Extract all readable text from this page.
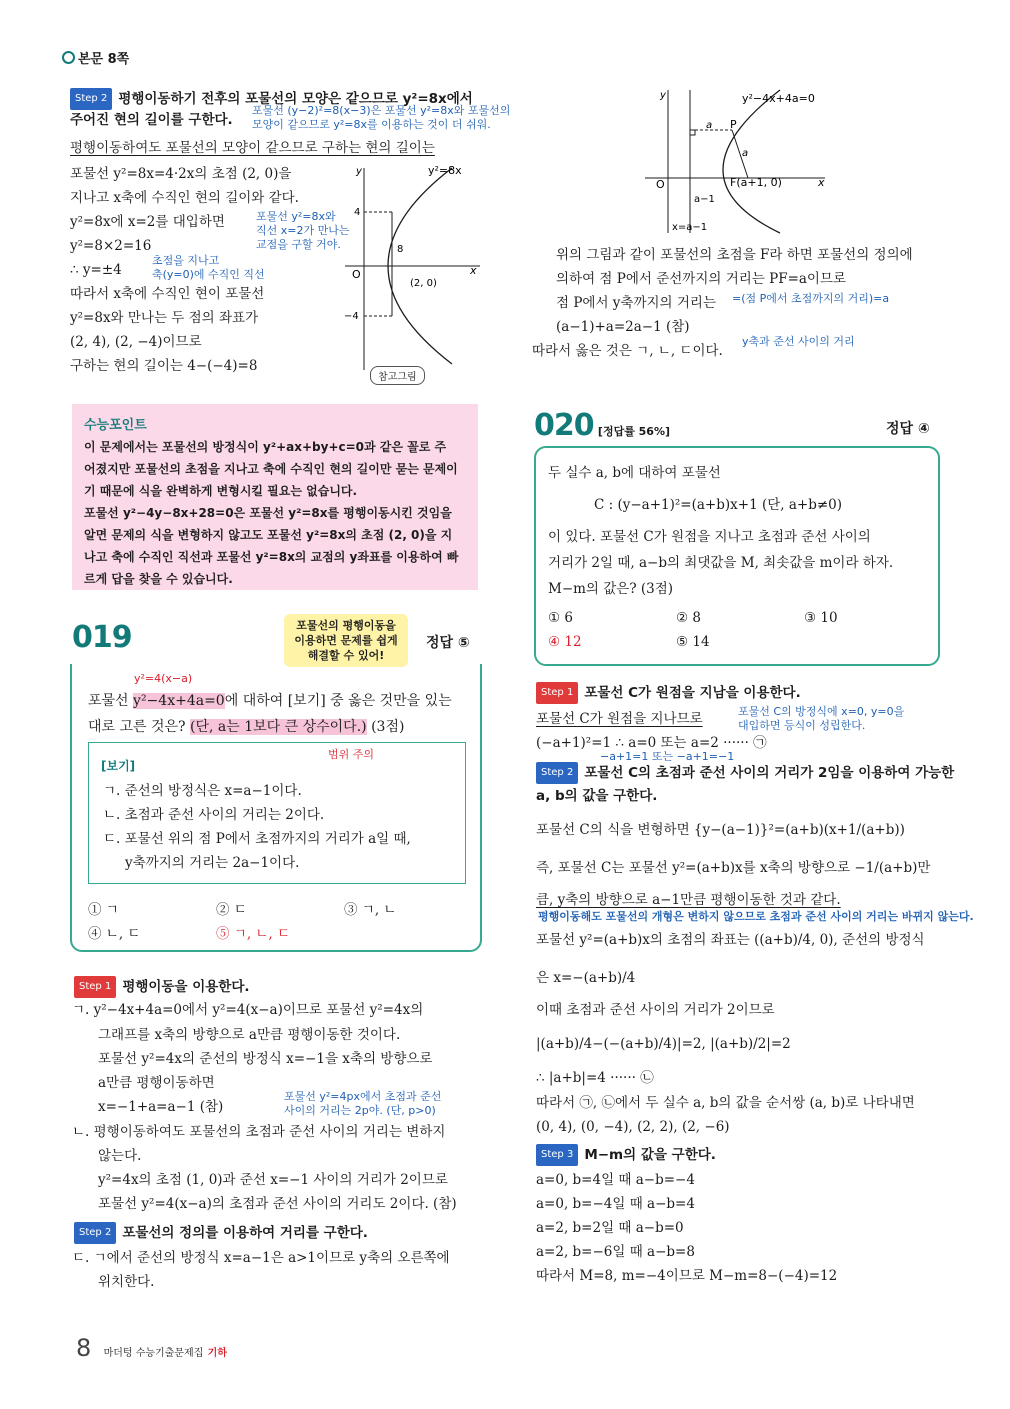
본문 8쪽
Step 2 평행이동하기 전후의 포물선의 모양은 같으므로 y²=8x에서
주어진 현의 길이를 구한다.
포물선 (y−2)²=8(x−3)은 포물선 y²=8x와 포물선의
모양이 같으므로 y²=8x를 이용하는 것이 더 쉬워.
평행이동하여도 포물선의 모양이 같으므로 구하는 현의 길이는
포물선 y²=8x=4·2x의 초점 (2, 0)을
지나고 x축에 수직인 현의 길이와 같다.
y²=8x에 x=2를 대입하면
y²=8×2=16
∴ y=±4
따라서 x축에 수직인 현이 포물선
y²=8x와 만나는 두 점의 좌표가
(2, 4), (2, −4)이므로
구하는 현의 길이는 4−(−4)=8
포물선 y²=8x와
직선 x=2가 만나는
교점을 구할 거야.
초점을 지나고
축(y=0)에 수직인 직선
y
x
y²=8x
O
4
−4
8
(2, 0)
참고그림
y
x
y²−4x+4a=0
O
a P
a
a−1
F(a+1, 0)
x=a−1
위의 그림과 같이 포물선의 초점을 F라 하면 포물선의 정의에
의하여 점 P에서 준선까지의 거리는 PF=a이므로
점 P에서 y축까지의 거리는
(a−1)+a=2a−1 (참)
따라서 옳은 것은 ㄱ, ㄴ, ㄷ이다.
=(점 P에서 초점까지의 거리)=a
y축과 준선 사이의 거리
수능포인트
이 문제에서는 포물선의 방정식이 y²+ax+by+c=0과 같은 꼴로 주
어졌지만 포물선의 초점을 지나고 축에 수직인 현의 길이만 묻는 문제이
기 때문에 식을 완벽하게 변형시킬 필요는 없습니다.
포물선 y²−4y−8x+28=0은 포물선 y²=8x를 평행이동시킨 것임을
알면 문제의 식을 변형하지 않고도 포물선 y²=8x의 초점 (2, 0)을 지
나고 축에 수직인 직선과 포물선 y²=8x의 교점의 y좌표를 이용하여 빠
르게 답을 찾을 수 있습니다.
019	포물선의 평행이동을
이용하면 문제를 쉽게
해결할 수 있어!
정답 ⑤
y²=4(x−a)
포물선 y²−4x+4a=0에 대하여 [보기] 중 옳은 것만을 있는
대로 고른 것은? (단, a는 1보다 큰 상수이다.) (3점)
범위 주의
[보기]
ㄱ. 준선의 방정식은 x=a−1이다.
ㄴ. 초점과 준선 사이의 거리는 2이다.
ㄷ. 포물선 위의 점 P에서 초점까지의 거리가 a일 때,
y축까지의 거리는 2a−1이다.
① ㄱ	② ㄷ	③ ㄱ, ㄴ
④ ㄴ, ㄷ	⑤ ㄱ, ㄴ, ㄷ
Step 1 평행이동을 이용한다.
ㄱ. y²−4x+4a=0에서 y²=4(x−a)이므로 포물선 y²=4x의
그래프를 x축의 방향으로 a만큼 평행이동한 것이다.
포물선 y²=4x의 준선의 방정식 x=−1을 x축의 방향으로
a만큼 평행이동하면
x=−1+a=a−1 (참)
ㄴ. 평행이동하여도 포물선의 초점과 준선 사이의 거리는 변하지
않는다.
y²=4x의 초점 (1, 0)과 준선 x=−1 사이의 거리가 2이므로
포물선 y²=4(x−a)의 초점과 준선 사이의 거리도 2이다. (참)
포물선 y²=4px에서 초점과 준선
사이의 거리는 2p야. (단, p>0)
Step 2 포물선의 정의를 이용하여 거리를 구한다.
ㄷ. ㄱ에서 준선의 방정식 x=a−1은 a>1이므로 y축의 오른쪽에
위치한다.
020 [정답률 56%]	정답 ④
두 실수 a, b에 대하여 포물선
C : (y−a+1)²=(a+b)x+1 (단, a+b≠0)
이 있다. 포물선 C가 원점을 지나고 초점과 준선 사이의
거리가 2일 때, a−b의 최댓값을 M, 최솟값을 m이라 하자.
M−m의 값은? (3점)
① 6	② 8	③ 10
④ 12	⑤ 14
Step 1 포물선 C가 원점을 지남을 이용한다.
포물선 C가 원점을 지나므로
(−a+1)²=1 ∴ a=0 또는 a=2 ······ ㉠
포물선 C의 방정식에 x=0, y=0을
대입하면 등식이 성립한다.
−a+1=1 또는 −a+1=−1
Step 2 포물선 C의 초점과 준선 사이의 거리가 2임을 이용하여 가능한
a, b의 값을 구한다.
포물선 C의 식을 변형하면 {y−(a−1)}²=(a+b)(x+1/(a+b))
즉, 포물선 C는 포물선 y²=(a+b)x를 x축의 방향으로 −1/(a+b)만
큼, y축의 방향으로 a−1만큼 평행이동한 것과 같다.
평행이동해도 포물선의 개형은 변하지 않으므로 초점과 준선 사이의 거리는 바뀌지 않는다.
포물선 y²=(a+b)x의 초점의 좌표는 ((a+b)/4, 0), 준선의 방정식
은 x=−(a+b)/4
이때 초점과 준선 사이의 거리가 2이므로
|(a+b)/4−(−(a+b)/4)|=2, |(a+b)/2|=2
∴ |a+b|=4 ······ ㉡
따라서 ㉠, ㉡에서 두 실수 a, b의 값을 순서쌍 (a, b)로 나타내면
(0, 4), (0, −4), (2, 2), (2, −6)
Step 3 M−m의 값을 구한다.
a=0, b=4일 때 a−b=−4
a=0, b=−4일 때 a−b=4
a=2, b=2일 때 a−b=0
a=2, b=−6일 때 a−b=8
따라서 M=8, m=−4이므로 M−m=8−(−4)=12
8 마더텅 수능기출문제집 기하
